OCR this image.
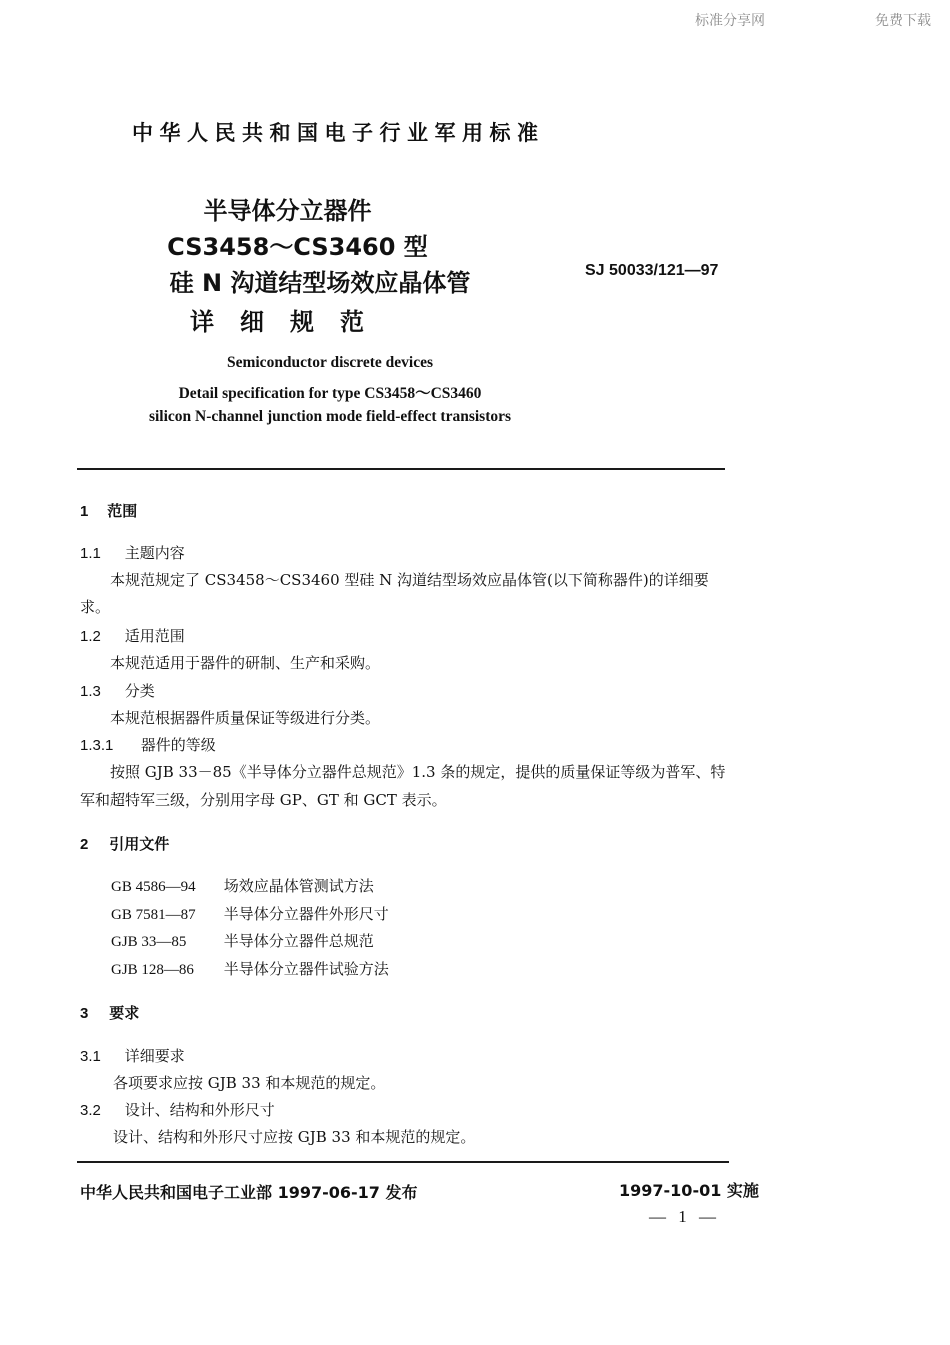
标准分享网	免费下载
中华人民共和国电子行业军用标准
半导体分立器件
CS3458～CS3460 型
硅 N 沟道结型场效应晶体管
详细规范
SJ 50033/121—97
Semiconductor discrete devices
Detail specification for type CS3458～CS3460
silicon N-channel junction mode field-effect transistors
1 范围
1.1 主题内容
本规范规定了 CS3458～CS3460 型硅 N 沟道结型场效应晶体管(以下简称器件)的详细要
求。
1.2 适用范围
本规范适用于器件的研制、生产和采购。
1.3 分类
本规范根据器件质量保证等级进行分类。
1.3.1 器件的等级
按照 GJB 33－85《半导体分立器件总规范》1.3 条的规定，提供的质量保证等级为普军、特
军和超特军三级，分别用字母 GP、GT 和 GCT 表示。
2 引用文件
GB 4586—94 场效应晶体管测试方法
GB 7581—87 半导体分立器件外形尺寸
GJB 33—85 半导体分立器件总规范
GJB 128—86 半导体分立器件试验方法
3 要求
3.1 详细要求
各项要求应按 GJB 33 和本规范的规定。
3.2 设计、结构和外形尺寸
设计、结构和外形尺寸应按 GJB 33 和本规范的规定。
中华人民共和国电子工业部 1997-06-17 发布	1997-10-01 实施
— 1 —
